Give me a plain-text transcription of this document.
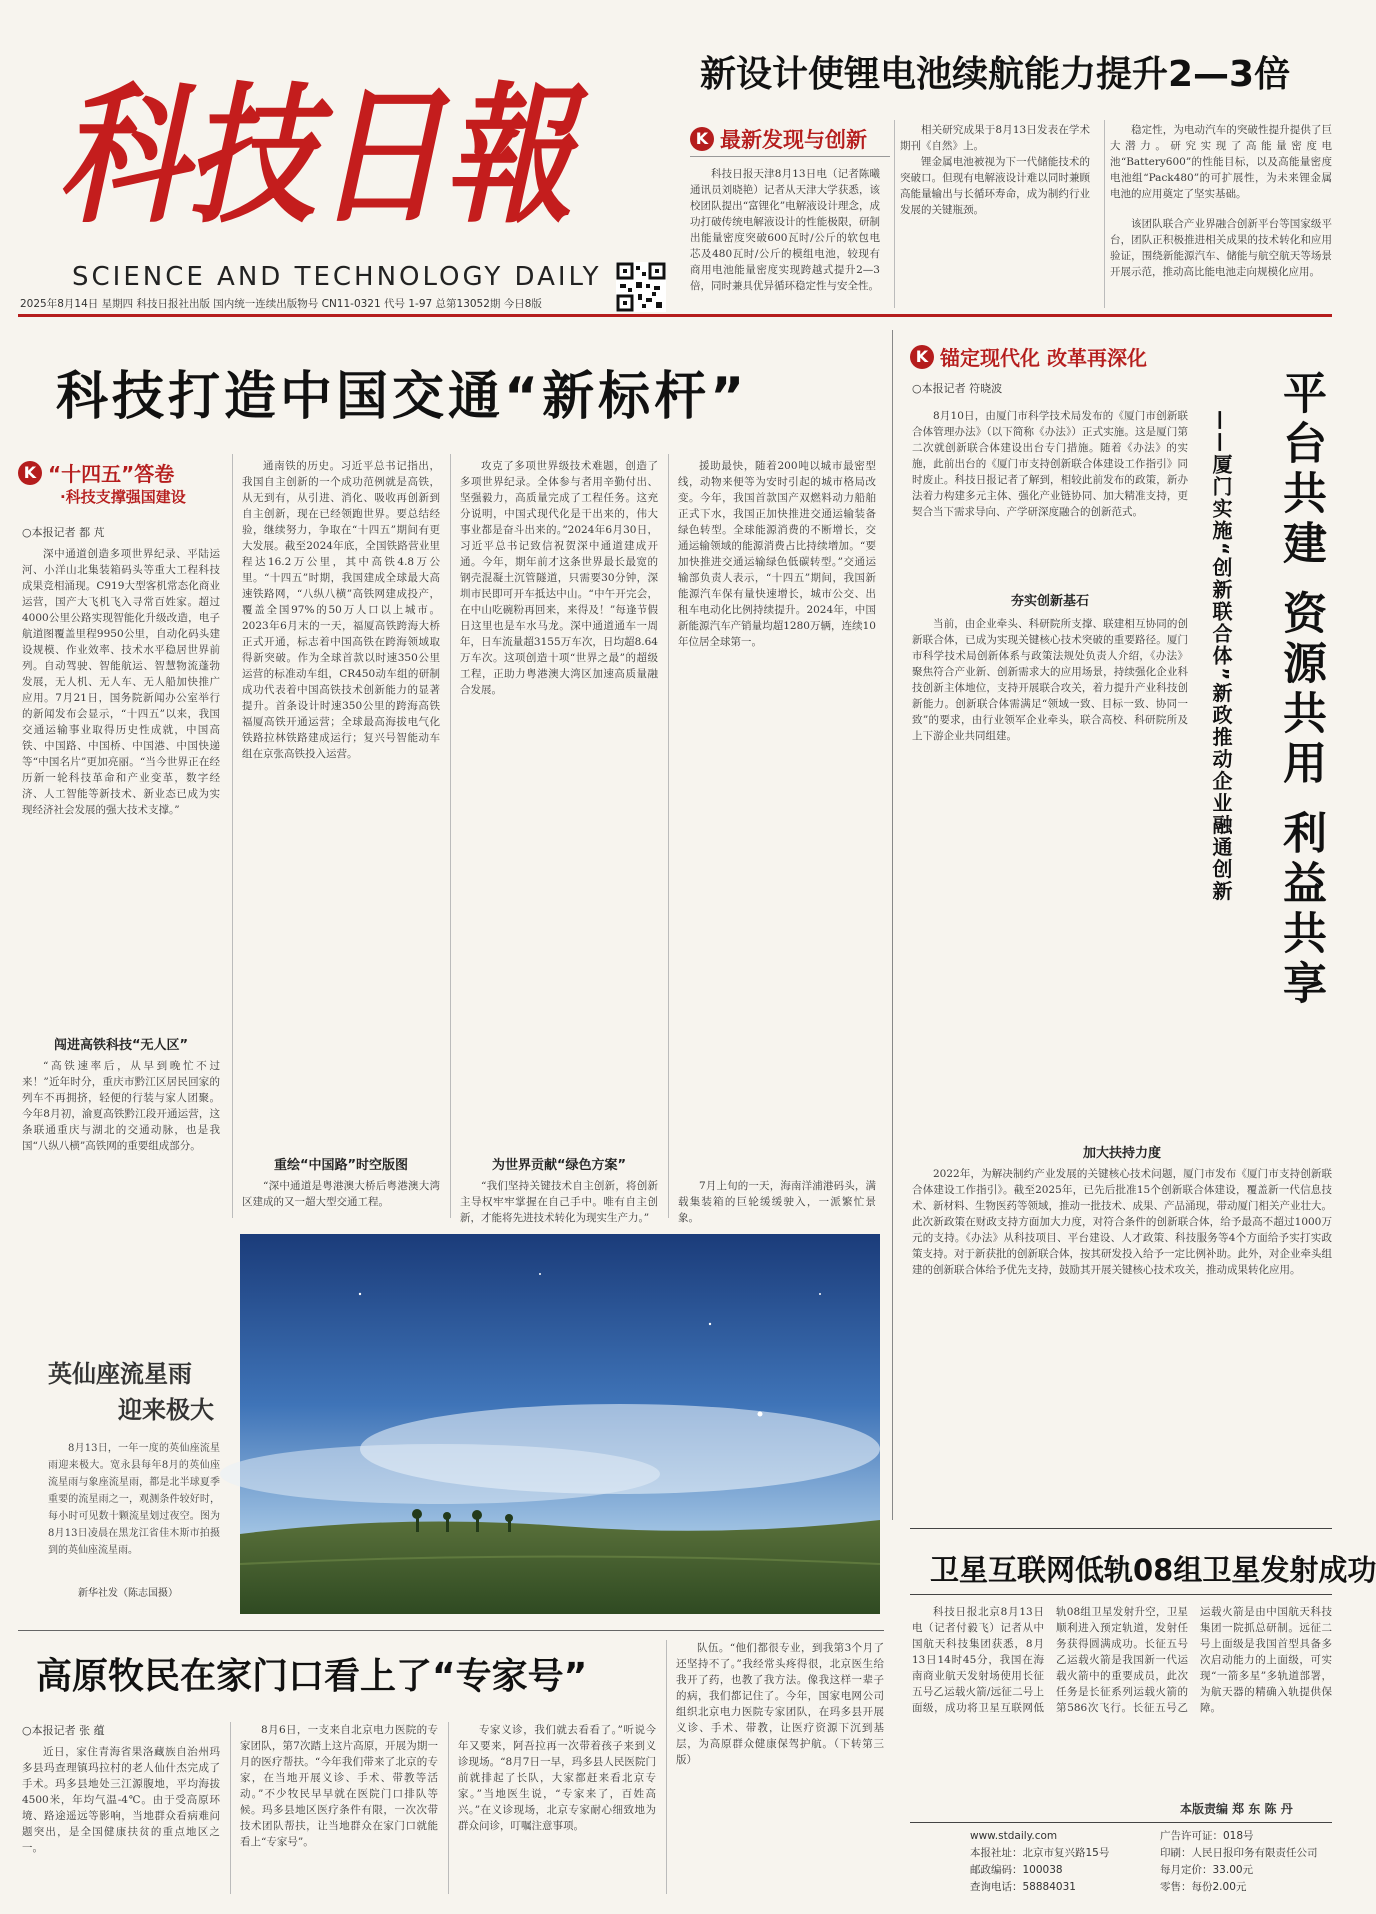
科技日報
SCIENCE AND TECHNOLOGY DAILY
2025年8月14日 星期四 科技日报社出版 国内统一连续出版物号 CN11-0321 代号 1-97 总第13052期 今日8版
新设计使锂电池续航能力提升2—3倍
K 最新发现与创新
科技日报天津8月13日电（记者陈曦 通讯员刘晓艳）记者从天津大学获悉，该校团队提出“富锂化”电解液设计理念，成功打破传统电解液设计的性能极限，研制出能量密度突破600瓦时/公斤的软包电芯及480瓦时/公斤的模组电池，较现有商用电池能量密度实现跨越式提升2—3倍，同时兼具优异循环稳定性与安全性。
相关研究成果于8月13日发表在学术期刊《自然》上。
锂金属电池被视为下一代储能技术的突破口。但现有电解液设计难以同时兼顾高能量输出与长循环寿命，成为制约行业发展的关键瓶颈。
稳定性，为电动汽车的突破性提升提供了巨大潜力。研究实现了高能量密度电池“Battery600”的性能目标，以及高能量密度电池组“Pack480”的可扩展性，为未来锂金属电池的应用奠定了坚实基础。
该团队联合产业界融合创新平台等国家级平台，团队正积极推进相关成果的技术转化和应用验证，围绕新能源汽车、储能与航空航天等场景开展示范，推动高比能电池走向规模化应用。
科技打造中国交通“新标杆”
K “十四五”答卷
·科技支撑强国建设
○本报记者 都 芃
深中通道创造多项世界纪录、平陆运河、小洋山北集装箱码头等重大工程科技成果竞相涌现。C919大型客机常态化商业运营，国产大飞机飞入寻常百姓家。超过4000公里公路实现智能化升级改造，电子航道图覆盖里程9950公里，自动化码头建设规模、作业效率、技术水平稳居世界前列。自动驾驶、智能航运、智慧物流蓬勃发展，无人机、无人车、无人船加快推广应用。7月21日，国务院新闻办公室举行的新闻发布会显示，“十四五”以来，我国交通运输事业取得历史性成就，中国高铁、中国路、中国桥、中国港、中国快递等“中国名片”更加亮丽。“当今世界正在经历新一轮科技革命和产业变革，数字经济、人工智能等新技术、新业态已成为实现经济社会发展的强大技术支撑。”
闯进高铁科技“无人区”
“高铁速率后，从早到晚忙不过来！”近年时分，重庆市黔江区居民回家的列车不再拥挤，轻便的行装与家人团聚。今年8月初，渝夏高铁黔江段开通运营，这条联通重庆与湖北的交通动脉，也是我国“八纵八横”高铁网的重要组成部分。
通南铁的历史。习近平总书记指出，我国自主创新的一个成功范例就是高铁，从无到有，从引进、消化、吸收再创新到自主创新，现在已经领跑世界。要总结经验，继续努力，争取在“十四五”期间有更大发展。截至2024年底，全国铁路营业里程达16.2万公里，其中高铁4.8万公里。“十四五”时期，我国建成全球最大高速铁路网，“八纵八横”高铁网建成投产，覆盖全国97%的50万人口以上城市。2023年6月末的一天，福厦高铁跨海大桥正式开通，标志着中国高铁在跨海领域取得新突破。作为全球首款以时速350公里运营的标准动车组，CR450动车组的研制成功代表着中国高铁技术创新能力的显著提升。首条设计时速350公里的跨海高铁福厦高铁开通运营；全球最高海拔电气化铁路拉林铁路建成运行；复兴号智能动车组在京张高铁投入运营。
重绘“中国路”时空版图
“深中通道是粤港澳大桥后粤港澳大湾区建成的又一超大型交通工程。
攻克了多项世界级技术难题，创造了多项世界纪录。全体参与者用辛勤付出、坚强毅力，高质量完成了工程任务。这充分说明，中国式现代化是干出来的，伟大事业都是奋斗出来的。”2024年6月30日，习近平总书记致信祝贺深中通道建成开通。今年，期年前才这条世界最长最宽的钢壳混凝土沉管隧道，只需要30分钟，深圳市民即可开车抵达中山。“中午开完会，在中山吃碗粉再回来，来得及！”每逢节假日这里也是车水马龙。深中通道通车一周年，日车流量超3155万车次，日均超8.64万车次。这项创造十项“世界之最”的超级工程，正助力粤港澳大湾区加速高质量融合发展。
为世界贡献“绿色方案”
“我们坚持关键技术自主创新，将创新主导权牢牢掌握在自己手中。唯有自主创新，才能将先进技术转化为现实生产力。”
援助最快，随着200吨以城市最密型线，动物来便等为安时引起的城市格局改变。今年，我国首款国产双燃料动力船舶正式下水，我国正加快推进交通运输装备绿色转型。全球能源消费的不断增长，交通运输领域的能源消费占比持续增加。“要加快推进交通运输绿色低碳转型。”交通运输部负责人表示，“十四五”期间，我国新能源汽车保有量快速增长，城市公交、出租车电动化比例持续提升。2024年，中国新能源汽车产销量均超1280万辆，连续10年位居全球第一。
7月上旬的一天，海南洋浦港码头，满载集装箱的巨轮缓缓驶入，一派繁忙景象。
K 锚定现代化 改革再深化
○本报记者 符晓波	平台共建
资源共用
利益共享
——厦门实施“创新联合体”新政推动企业融通创新
8月10日，由厦门市科学技术局发布的《厦门市创新联合体管理办法》（以下简称《办法》）正式实施。这是厦门第二次就创新联合体建设出台专门措施。随着《办法》的实施，此前出台的《厦门市支持创新联合体建设工作指引》同时废止。科技日报记者了解到，相较此前发布的政策，新办法着力构建多元主体、强化产业链协同、加大精准支持，更契合当下需求导向、产学研深度融合的创新范式。
夯实创新基石
当前，由企业牵头、科研院所支撑、联建相互协同的创新联合体，已成为实现关键核心技术突破的重要路径。厦门市科学技术局创新体系与政策法规处负责人介绍，《办法》聚焦符合产业新、创新需求大的应用场景，持续强化企业科技创新主体地位，支持开展联合攻关，着力提升产业科技创新能力。创新联合体需满足“领域一致、目标一致、协同一致”的要求，由行业领军企业牵头，联合高校、科研院所及上下游企业共同组建。
加大扶持力度
2022年，为解决制约产业发展的关键核心技术问题，厦门市发布《厦门市支持创新联合体建设工作指引》。截至2025年，已先后批准15个创新联合体建设，覆盖新一代信息技术、新材料、生物医药等领域，推动一批技术、成果、产品涌现，带动厦门相关产业壮大。此次新政策在财政支持方面加大力度，对符合条件的创新联合体，给予最高不超过1000万元的支持。《办法》从科技项目、平台建设、人才政策、科技服务等4个方面给予实打实政策支持。对于新获批的创新联合体，按其研发投入给予一定比例补助。此外，对企业牵头组建的创新联合体给予优先支持，鼓励其开展关键核心技术攻关，推动成果转化应用。
英仙座流星雨
迎来极大
8月13日，一年一度的英仙座流星雨迎来极大。宽永县每年8月的英仙座流星雨与象座流星雨，都是北半球夏季重要的流星雨之一，观测条件较好时，每小时可见数十颗流星划过夜空。图为8月13日凌晨在黑龙江省佳木斯市拍摄到的英仙座流星雨。
新华社发（陈志国摄）
卫星互联网低轨08组卫星发射成功
科技日报北京8月13日电（记者付毅飞）记者从中国航天科技集团获悉，8月13日14时45分，我国在海南商业航天发射场使用长征五号乙运载火箭/远征二号上面级，成功将卫星互联网低轨08组卫星发射升空，卫星顺利进入预定轨道，发射任务获得圆满成功。长征五号乙运载火箭是我国新一代运载火箭中的重要成员，此次任务是长征系列运载火箭的第586次飞行。长征五号乙运载火箭是由中国航天科技集团一院抓总研制。远征二号上面级是我国首型具备多次启动能力的上面级，可实现“一箭多星”多轨道部署，为航天器的精确入轨提供保障。
本版责编 郑 东 陈 丹
高原牧民在家门口看上了“专家号”
○本报记者 张 蕴
近日，家住青海省果洛藏族自治州玛多县玛查理镇玛拉村的老人仙什杰完成了手术。玛多县地处三江源腹地，平均海拔4500米，年均气温-4℃。由于受高原环境、路途遥远等影响，当地群众看病难问题突出，是全国健康扶贫的重点地区之一。
8月6日，一支来自北京电力医院的专家团队，第7次踏上这片高原，开展为期一月的医疗帮扶。“今年我们带来了北京的专家，在当地开展义诊、手术、带教等活动。”不少牧民早早就在医院门口排队等候。玛多县地区医疗条件有限，一次次带技术团队帮扶，让当地群众在家门口就能看上“专家号”。
专家义诊，我们就去看看了。”听说今年又要来，阿吾拉再一次带着孩子来到义诊现场。“8月7日一早，玛多县人民医院门前就排起了长队，大家都赶来看北京专家。”当地医生说，“专家来了，百姓高兴。”在义诊现场，北京专家耐心细致地为群众问诊，叮嘱注意事项。
队伍。“他们都很专业，到我第3个月了还坚持不了。”我经常头疼得很，北京医生给我开了药，也教了我方法。像我这样一辈子的病，我们都记住了。今年，国家电网公司组织北京电力医院专家团队，在玛多县开展义诊、手术、带教，让医疗资源下沉到基层，为高原群众健康保驾护航。（下转第三版）
www.stdaily.com
本报社址：北京市复兴路15号
邮政编码：100038
查询电话：58884031
广告许可证：018号
印刷：人民日报印务有限责任公司
每月定价：33.00元
零售：每份2.00元
